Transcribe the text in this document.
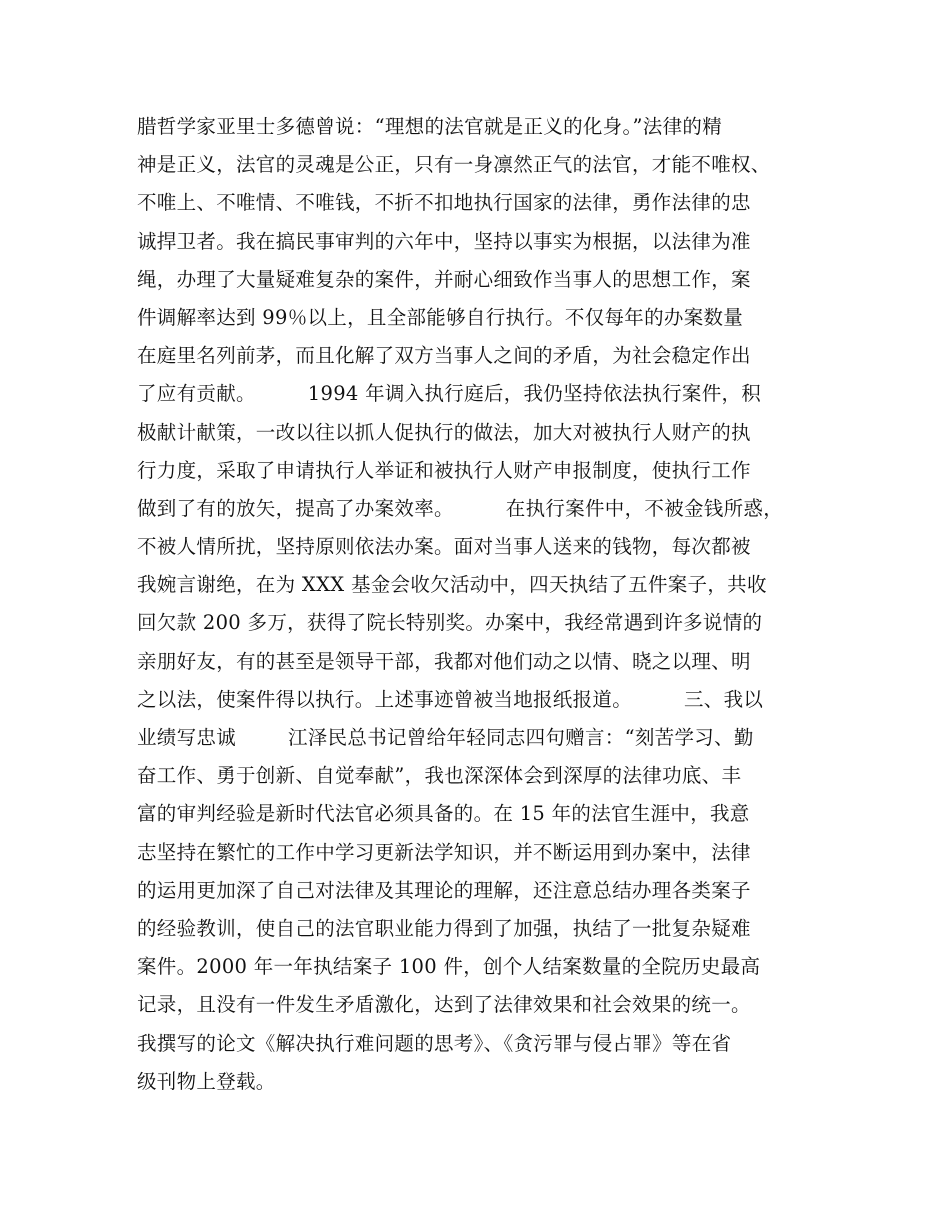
腊哲学家亚里士多德曾说：“理想的法官就是正义的化身。”法律的精
神是正义，法官的灵魂是公正，只有一身凛然正气的法官，才能不唯权、
不唯上、不唯情、不唯钱，不折不扣地执行国家的法律，勇作法律的忠
诚捍卫者。我在搞民事审判的六年中，坚持以事实为根据，以法律为准
绳，办理了大量疑难复杂的案件，并耐心细致作当事人的思想工作，案
件调解率达到 99％以上，且全部能够自行执行。不仅每年的办案数量
在庭里名列前茅，而且化解了双方当事人之间的矛盾，为社会稳定作出
了应有贡献。        1994 年调入执行庭后，我仍坚持依法执行案件，积
极献计献策，一改以往以抓人促执行的做法，加大对被执行人财产的执
行力度，采取了申请执行人举证和被执行人财产申报制度，使执行工作
做到了有的放矢，提高了办案效率。        在执行案件中，不被金钱所惑，
不被人情所扰，坚持原则依法办案。面对当事人送来的钱物，每次都被
我婉言谢绝，在为 XXX 基金会收欠活动中，四天执结了五件案子，共收
回欠款 200 多万，获得了院长特别奖。办案中，我经常遇到许多说情的
亲朋好友，有的甚至是领导干部，我都对他们动之以情、晓之以理、明
之以法，使案件得以执行。上述事迹曾被当地报纸报道。        三、我以
业绩写忠诚        江泽民总书记曾给年轻同志四句赠言：“刻苦学习、勤
奋工作、勇于创新、自觉奉献”，我也深深体会到深厚的法律功底、丰
富的审判经验是新时代法官必须具备的。在 15 年的法官生涯中，我意
志坚持在繁忙的工作中学习更新法学知识，并不断运用到办案中，法律
的运用更加深了自己对法律及其理论的理解，还注意总结办理各类案子
的经验教训，使自己的法官职业能力得到了加强，执结了一批复杂疑难
案件。2000 年一年执结案子 100 件，创个人结案数量的全院历史最高
记录，且没有一件发生矛盾激化，达到了法律效果和社会效果的统一。
我撰写的论文《解决执行难问题的思考》、《贪污罪与侵占罪》等在省
级刊物上登载。
